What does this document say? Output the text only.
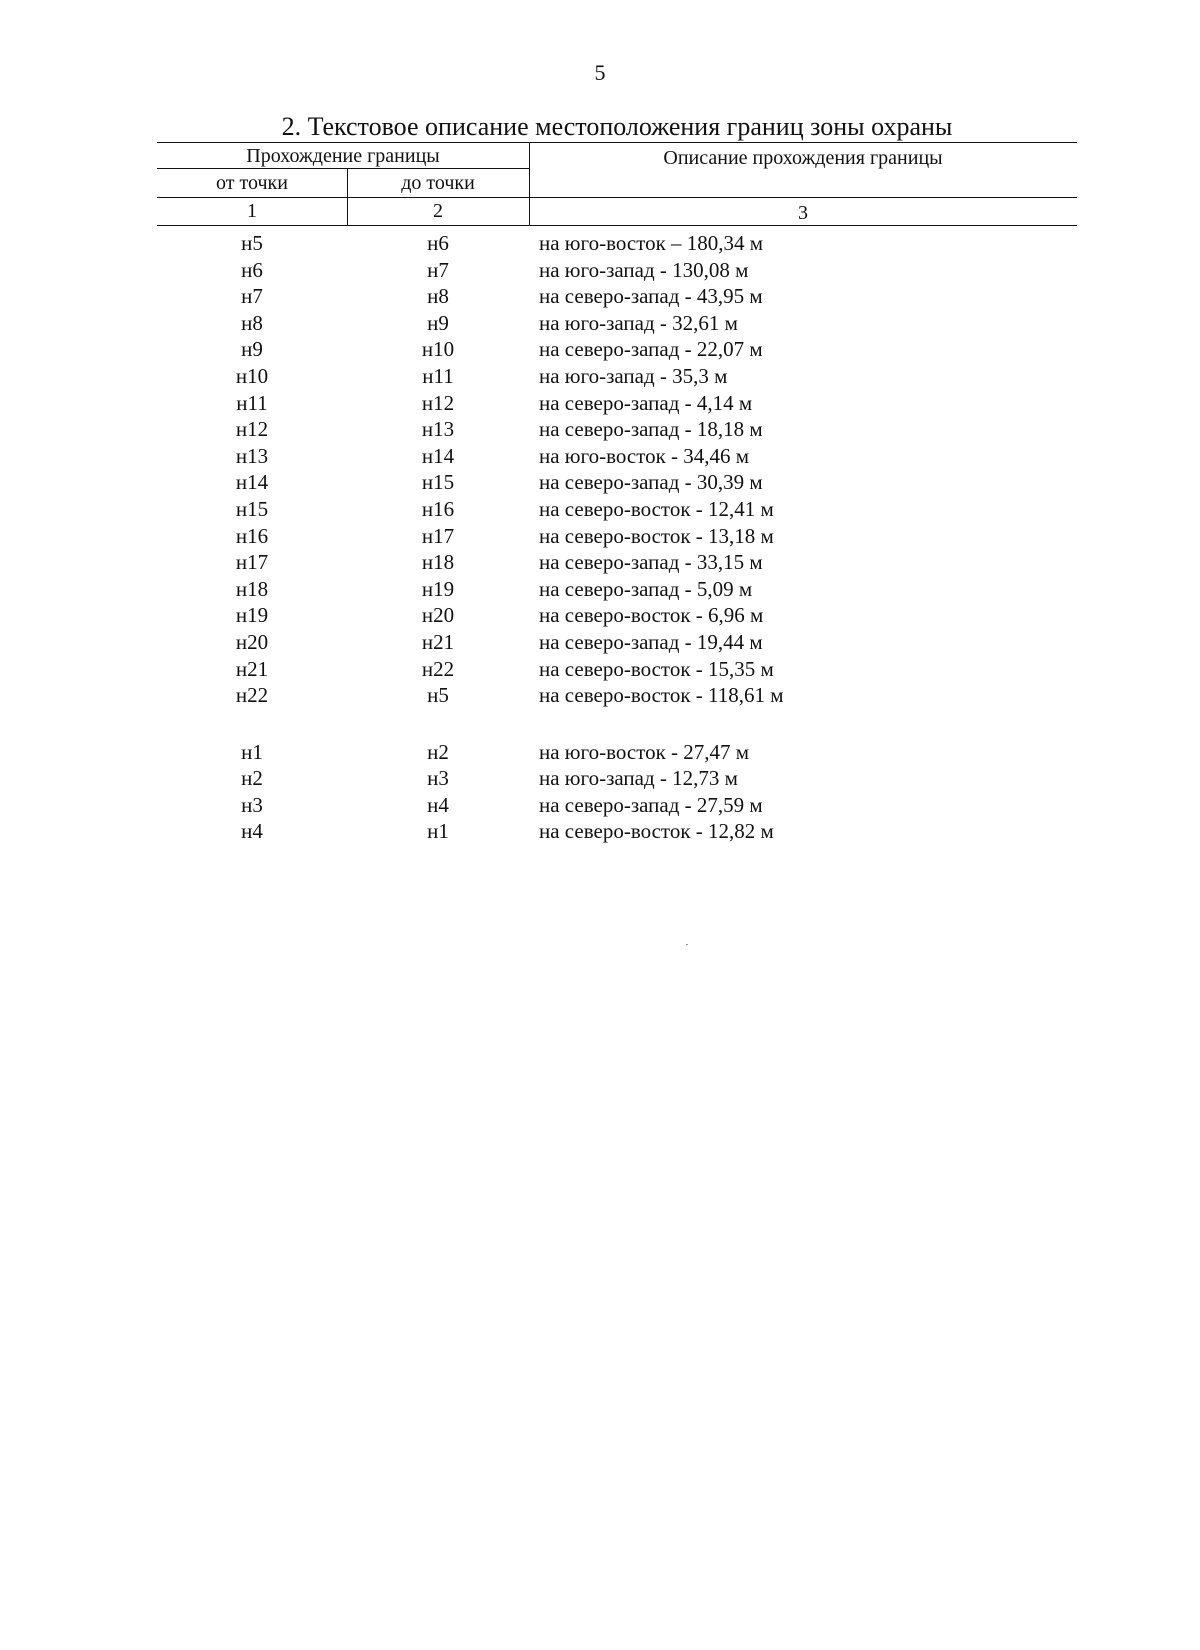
5
2. Текстовое описание местоположения границ зоны охраны
Прохождение границы
от точки	до точки
Описание прохождения границы
1	2	3
н5	н6	на юго-восток – 180,34 м
н6	н7	на юго-запад - 130,08 м
н7	н8	на северо-запад - 43,95 м
н8	н9	на юго-запад - 32,61 м
н9	н10	на северо-запад - 22,07 м
н10	н11	на юго-запад - 35,3 м
н11	н12	на северо-запад - 4,14 м
н12	н13	на северо-запад - 18,18 м
н13	н14	на юго-восток - 34,46 м
н14	н15	на северо-запад - 30,39 м
н15	н16	на северо-восток - 12,41 м
н16	н17	на северо-восток - 13,18 м
н17	н18	на северо-запад - 33,15 м
н18	н19	на северо-запад - 5,09 м
н19	н20	на северо-восток - 6,96 м
н20	н21	на северо-запад - 19,44 м
н21	н22	на северо-восток - 15,35 м
н22	н5	на северо-восток - 118,61 м
н1	н2	на юго-восток - 27,47 м
н2	н3	на юго-запад - 12,73 м
н3	н4	на северо-запад - 27,59 м
н4	н1	на северо-восток - 12,82 м
